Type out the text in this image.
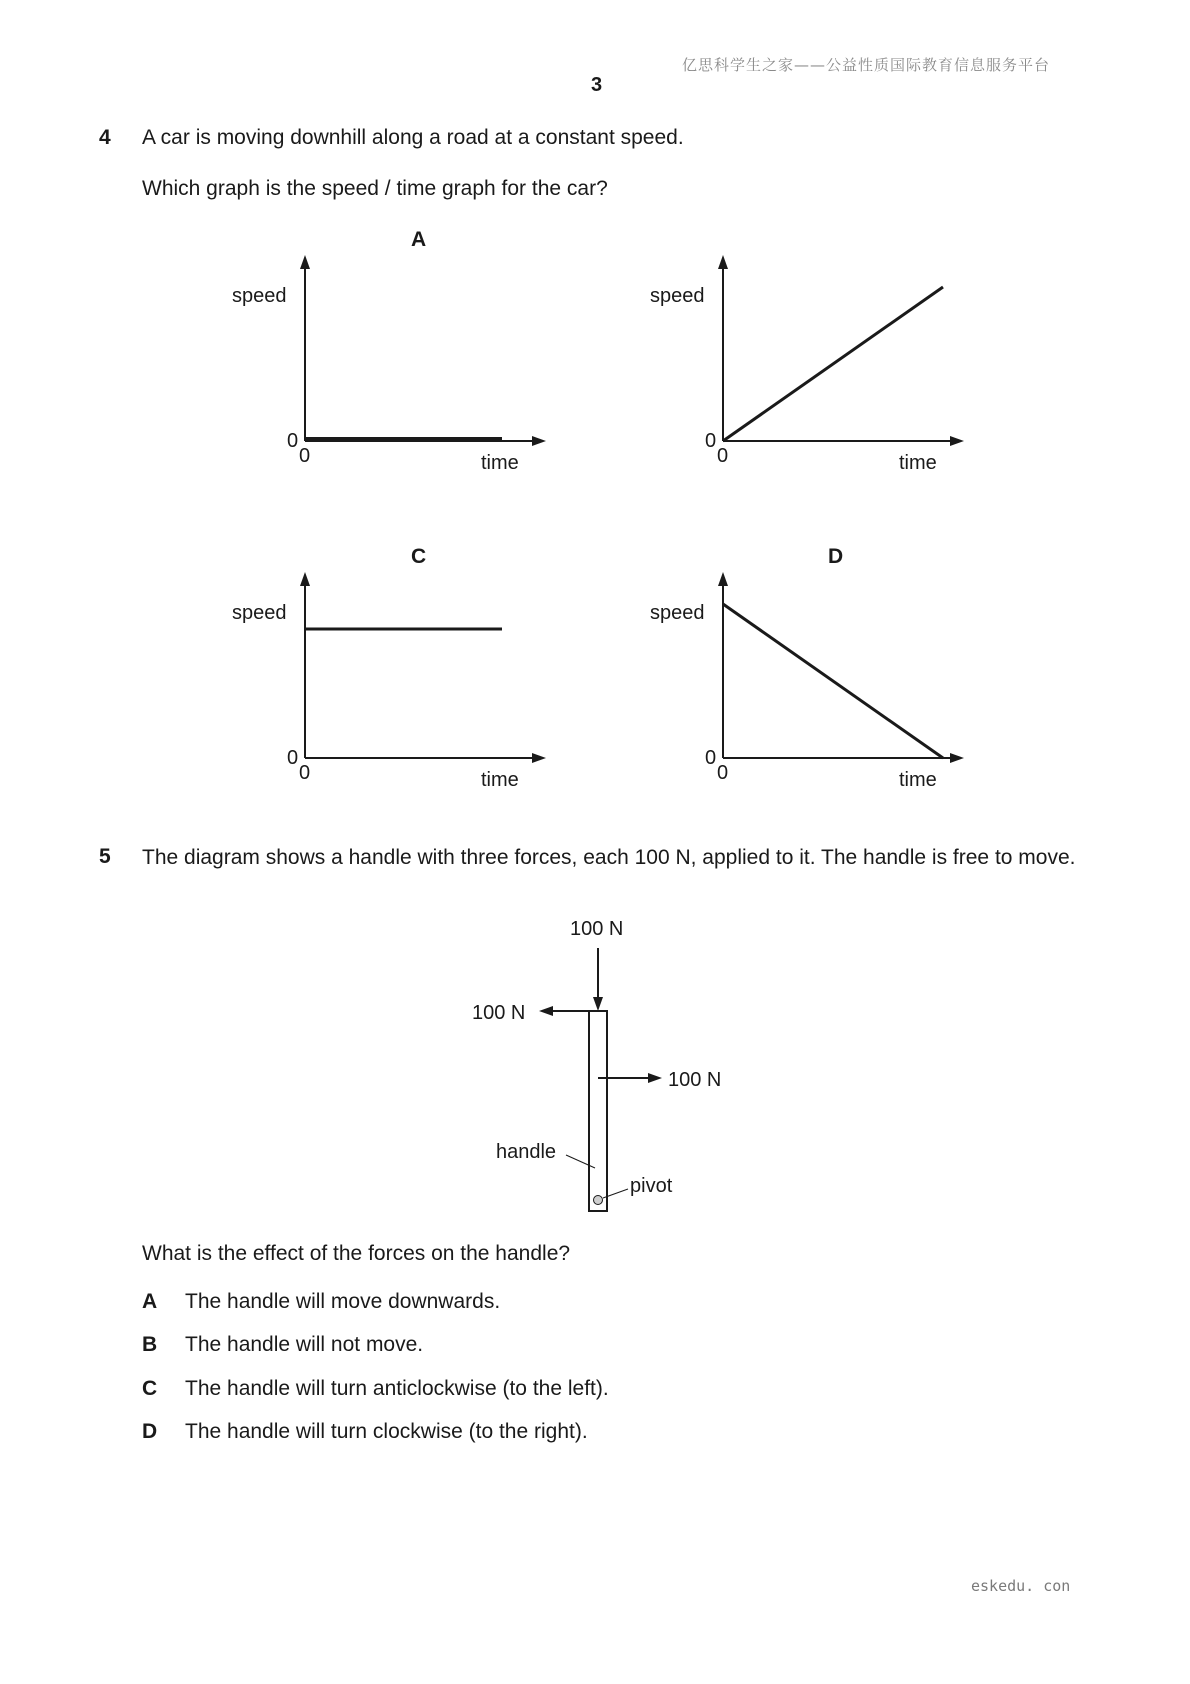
亿思科学生之家——公益性质国际教育信息服务平台
3
4 A car is moving downhill along a road at a constant speed.
Which graph is the speed / time graph for the car?
A
speed
0
0	time
speed
0
0	time
C
speed
0
0	time
D
speed
0
0	time
5 The diagram shows a handle with three forces, each 100 N, applied to it. The handle is free to move.
100 N
100 N
100 N
handle
pivot
What is the effect of the forces on the handle?
A The handle will move downwards.
B The handle will not move.
C The handle will turn anticlockwise (to the left).
D The handle will turn clockwise (to the right).
eskedu. con
